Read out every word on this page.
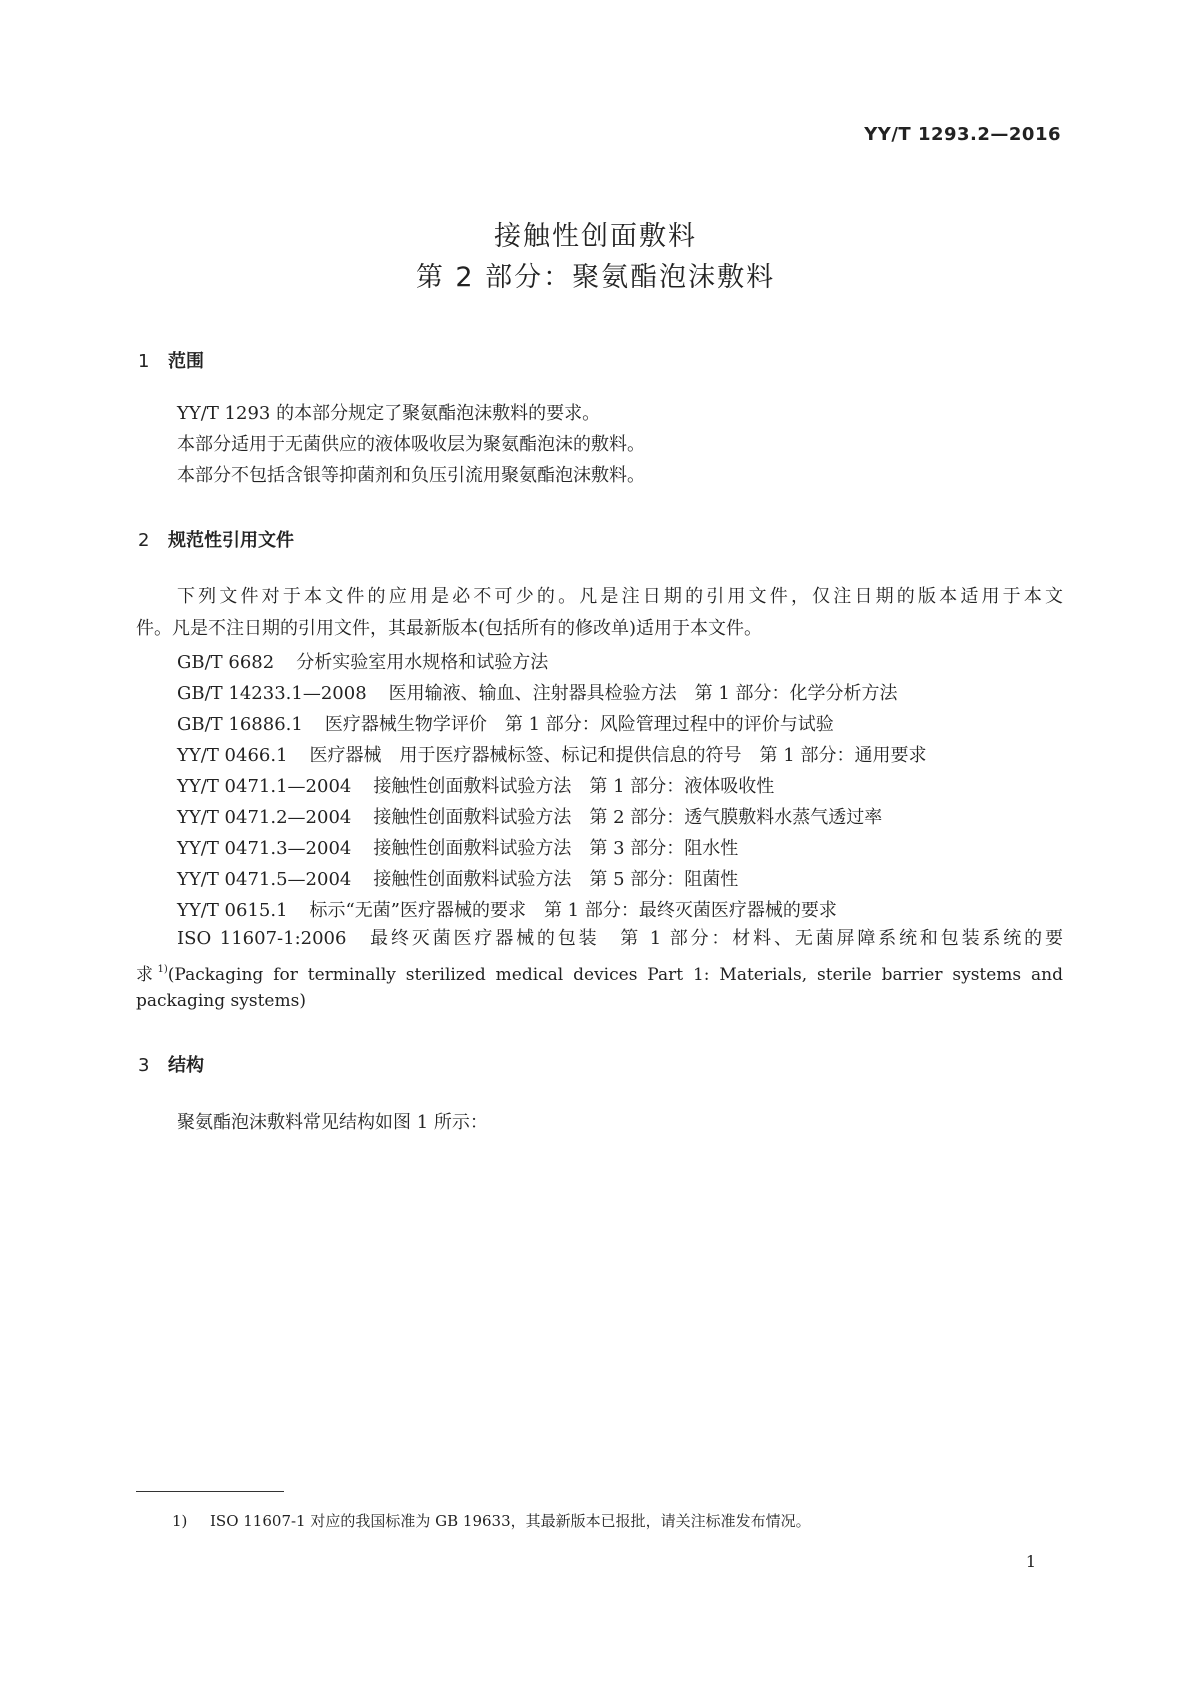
YY/T 1293.2—2016
接触性创面敷料
第 2 部分：聚氨酯泡沫敷料
1 范围
YY/T 1293 的本部分规定了聚氨酯泡沫敷料的要求。
本部分适用于无菌供应的液体吸收层为聚氨酯泡沫的敷料。
本部分不包括含银等抑菌剂和负压引流用聚氨酯泡沫敷料。
2 规范性引用文件
下列文件对于本文件的应用是必不可少的。凡是注日期的引用文件，仅注日期的版本适用于本文
件。凡是不注日期的引用文件，其最新版本(包括所有的修改单)适用于本文件。
GB/T 6682 分析实验室用水规格和试验方法
GB/T 14233.1—2008 医用输液、输血、注射器具检验方法　第 1 部分：化学分析方法
GB/T 16886.1 医疗器械生物学评价　第 1 部分：风险管理过程中的评价与试验
YY/T 0466.1 医疗器械　用于医疗器械标签、标记和提供信息的符号　第 1 部分：通用要求
YY/T 0471.1—2004 接触性创面敷料试验方法　第 1 部分：液体吸收性
YY/T 0471.2—2004 接触性创面敷料试验方法　第 2 部分：透气膜敷料水蒸气透过率
YY/T 0471.3—2004 接触性创面敷料试验方法　第 3 部分：阻水性
YY/T 0471.5—2004 接触性创面敷料试验方法　第 5 部分：阻菌性
YY/T 0615.1 标示“无菌”医疗器械的要求　第 1 部分：最终灭菌医疗器械的要求
ISO 11607-1:2006　最终灭菌医疗器械的包装　第 1 部分：材料、无菌屏障系统和包装系统的要
求$^{1)}$(Packaging for terminally sterilized medical devices Part 1: Materials, sterile barrier systems and
packaging systems)
3 结构
聚氨酯泡沫敷料常见结构如图 1 所示：
1) ISO 11607-1 对应的我国标准为 GB 19633，其最新版本已报批，请关注标准发布情况。
1
